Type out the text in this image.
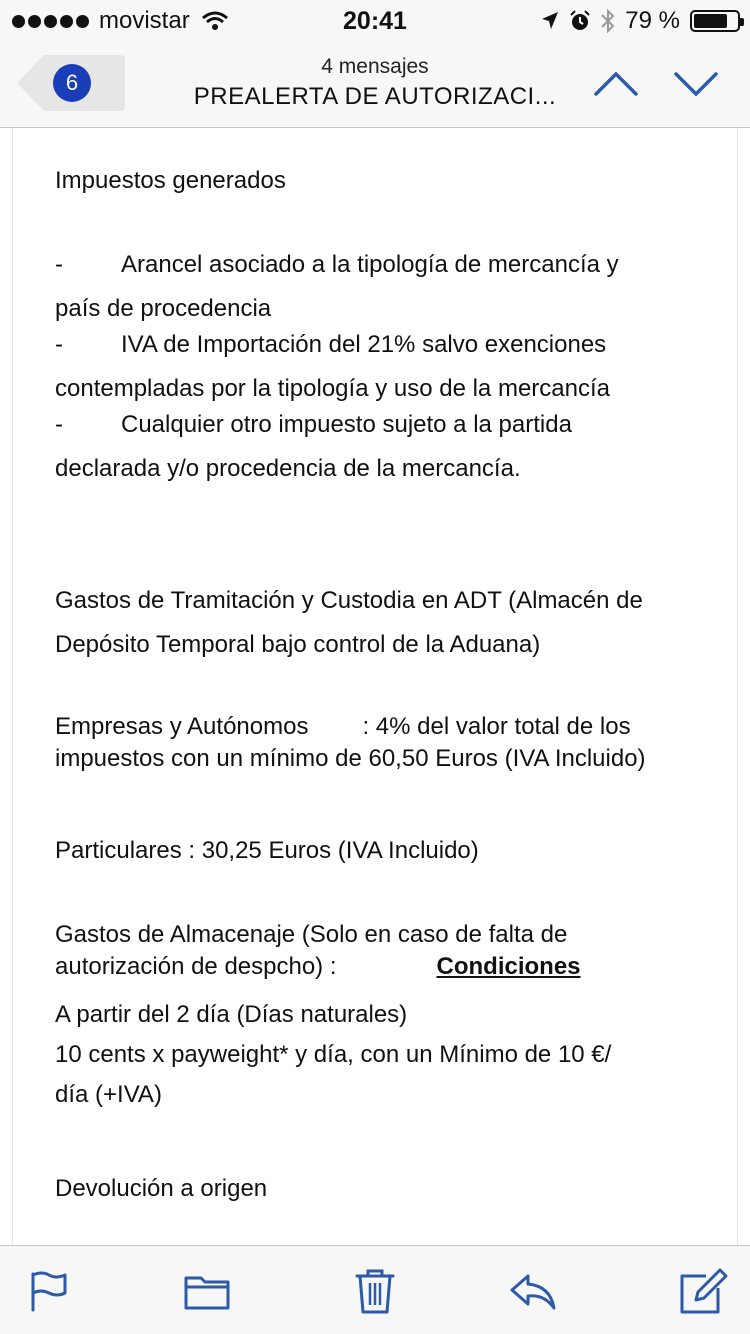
movistar	20:41	79 %
6
4 mensajes
PREALERTA DE AUTORIZACI...
Impuestos generados
- Arancel asociado a la tipología de mercancía y
país de procedencia
- IVA de Importación del 21% salvo exenciones
contempladas por la tipología y uso de la mercancía
- Cualquier otro impuesto sujeto a la partida
declarada y/o procedencia de la mercancía.
Gastos de Tramitación y Custodia en ADT (Almacén de
Depósito Temporal bajo control de la Aduana)
Empresas y Autónomos : 4% del valor total de los
impuestos con un mínimo de 60,50 Euros (IVA Incluido)
Particulares : 30,25 Euros (IVA Incluido)
Gastos de Almacenaje (Solo en caso de falta de
autorización de despcho) :	Condiciones
A partir del 2 día (Días naturales)
10 cents x payweight* y día, con un Mínimo de 10 €/
día (+IVA)
Devolución a origen
